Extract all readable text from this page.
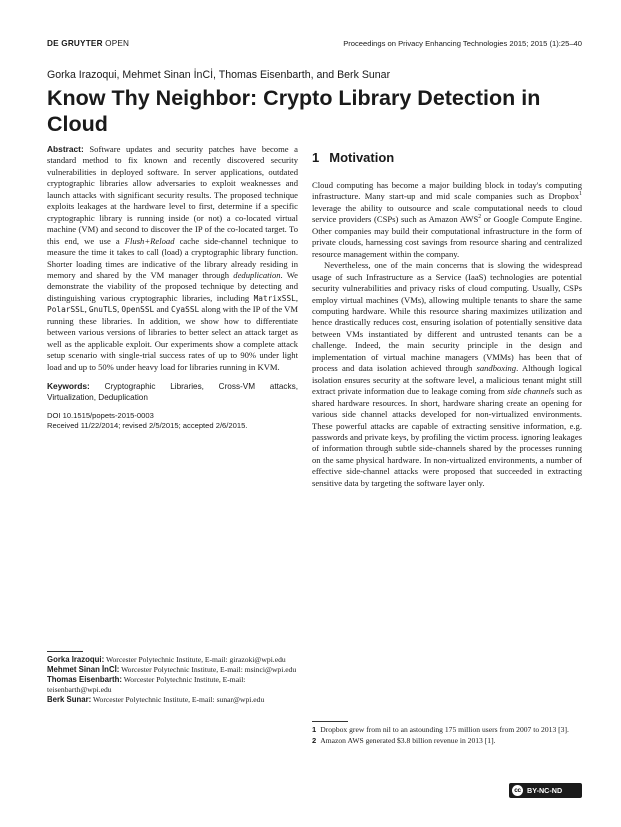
DE GRUYTER OPEN	Proceedings on Privacy Enhancing Technologies 2015; 2015 (1):25–40
Gorka Irazoqui, Mehmet Sinan İnCİ, Thomas Eisenbarth, and Berk Sunar
Know Thy Neighbor: Crypto Library Detection in Cloud

Abstract: Software updates and security patches have become a standard method to fix known and recently discovered security vulnerabilities in deployed software. In server applications, outdated cryptographic libraries allow adversaries to exploit weaknesses and launch attacks with significant security results. The proposed technique exploits leakages at the hardware level to first, determine if a specific cryptographic library is running inside (or not) a co-located virtual machine (VM) and second to discover the IP of the co-located target. To this end, we use a Flush+Reload cache side-channel technique to measure the time it takes to call (load) a cryptographic library function. Shorter loading times are indicative of the library already residing in memory and shared by the VM manager through deduplication. We demonstrate the viability of the proposed technique by detecting and distinguishing various cryptographic libraries, including MatrixSSL, PolarSSL, GnuTLS, OpenSSL and CyaSSL along with the IP of the VM running these libraries. In addition, we show how to differentiate between various versions of libraries to better select an attack target as well as the applicable exploit. Our experiments show a complete attack setup scenario with single-trial success rates of up to 90% under light load and up to 50% under heavy load for libraries running in KVM.

Keywords: Cryptographic Libraries, Cross-VM attacks, Virtualization, Deduplication

DOI 10.1515/popets-2015-0003

Received 11/22/2014; revised 2/5/2015; accepted 2/6/2015.

Gorka Irazoqui: Worcester Polytechnic Institute, E-mail: girazoki@wpi.edu

Mehmet Sinan İnCİ: Worcester Polytechnic Institute, E-mail: msinci@wpi.edu

Thomas Eisenbarth: Worcester Polytechnic Institute, E-mail: teisenbarth@wpi.edu

Berk Sunar: Worcester Polytechnic Institute, E-mail: sunar@wpi.edu

1 Motivation

Cloud computing has become a major building block in today's computing infrastructure. Many start-up and mid scale companies such as Dropbox$^1$ leverage the ability to outsource and scale computational needs to cloud service providers (CSPs) such as Amazon AWS$^2$ or Google Compute Engine. Other companies may build their computational infrastructure in the form of private clouds, harnessing cost savings from resource sharing and centralized resource management within the company.

Nevertheless, one of the main concerns that is slowing the widespread usage of such Infrastructure as a Service (IaaS) technologies are potential security vulnerabilities and privacy risks of cloud computing. Usually, CSPs employ virtual machines (VMs), allowing multiple tenants to share the same computing hardware. While this resource sharing maximizes utilization and hence drastically reduces cost, ensuring isolation of potentially sensitive data between VMs instantiated by different and untrusted tenants can be a challenge. Indeed, the main security principle in the design and implementation of virtual machine managers (VMMs) has been that of process and data isolation achieved through sandboxing. Although logical isolation ensures security at the software level, a malicious tenant might still extract private information due to leakage coming from side channels such as shared hardware resources. In short, hardware sharing create an opening for various side channel attacks developed for non-virtualized environments. These powerful attacks are capable of extracting sensitive information, e.g. passwords and private keys, by profiling the victim process. ignoring leakages of information through subtle side-channels shared by the processes running on the same physical hardware. In non-virtualized environments, a number of effective side-channel attacks were proposed that succeeded in extracting sensitive data by targeting the software layer only.

1 Dropbox grew from nil to an astounding 175 million users from 2007 to 2013 [3].

2 Amazon AWS generated $3.8 billion revenue in 2013 [1].

cc BY-NC-ND
